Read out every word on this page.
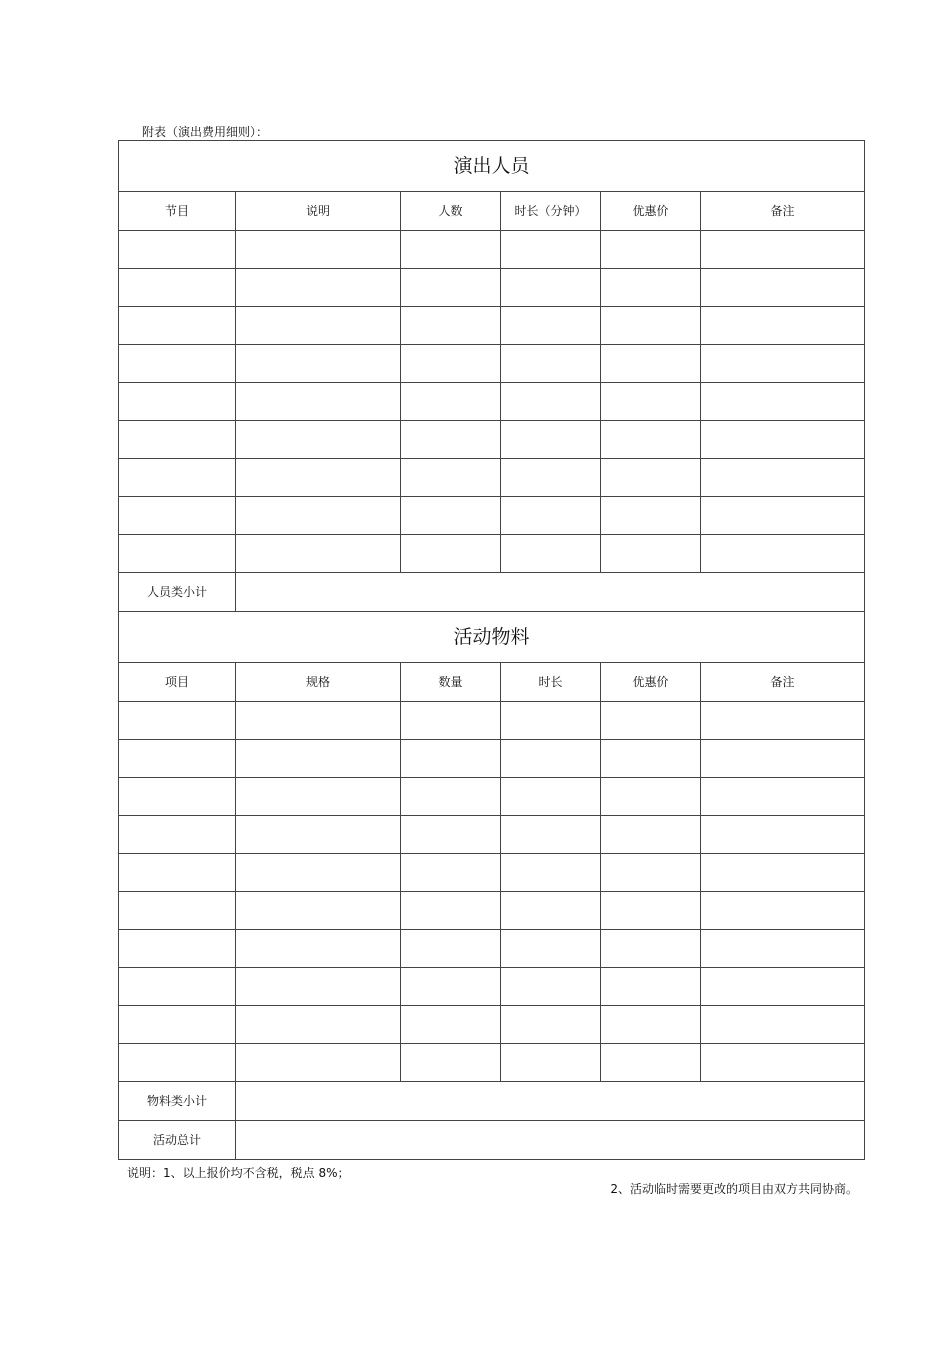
附表（演出费用细则）：
演出人员					
节目	说明	人数	时长（分钟）	优惠价	备注

人员类小计					
活动物料					
项目	规格	数量	时长	优惠价	备注

物料类小计					
活动总计					
说明：1、以上报价均不含税，税点 8%；
2、活动临时需要更改的项目由双方共同协商。
